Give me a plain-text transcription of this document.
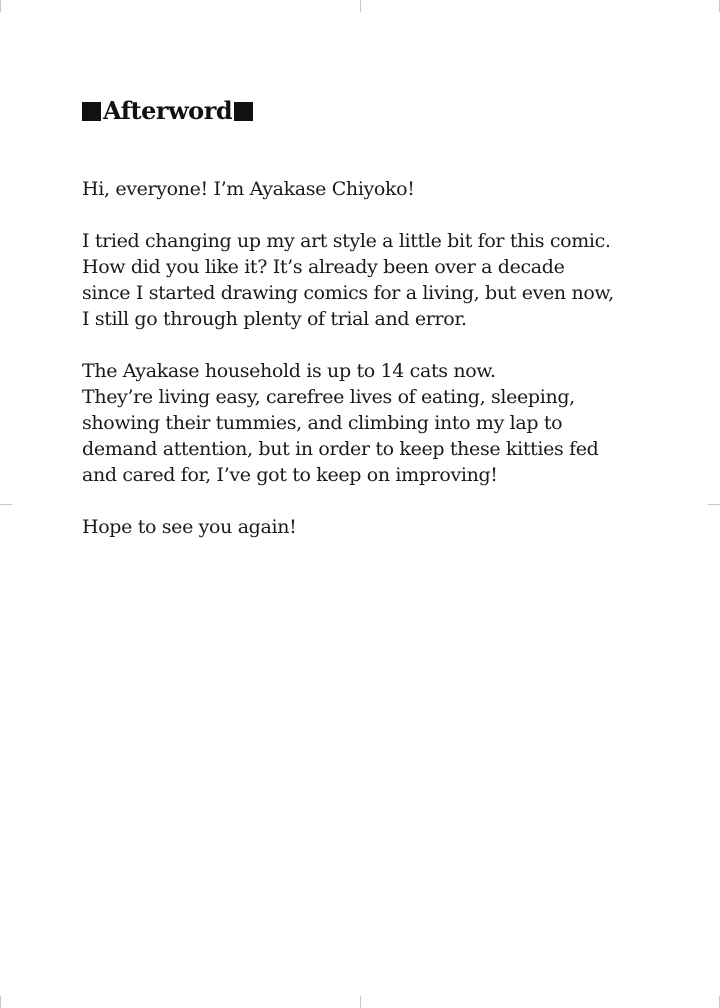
Afterword

Hi, everyone! I’m Ayakase Chiyoko!

I tried changing up my art style a little bit for this comic.
How did you like it? It’s already been over a decade
since I started drawing comics for a living, but even now,
I still go through plenty of trial and error.

The Ayakase household is up to 14 cats now.
They’re living easy, carefree lives of eating, sleeping,
showing their tummies, and climbing into my lap to
demand attention, but in order to keep these kitties fed
and cared for, I’ve got to keep on improving!

Hope to see you again!
